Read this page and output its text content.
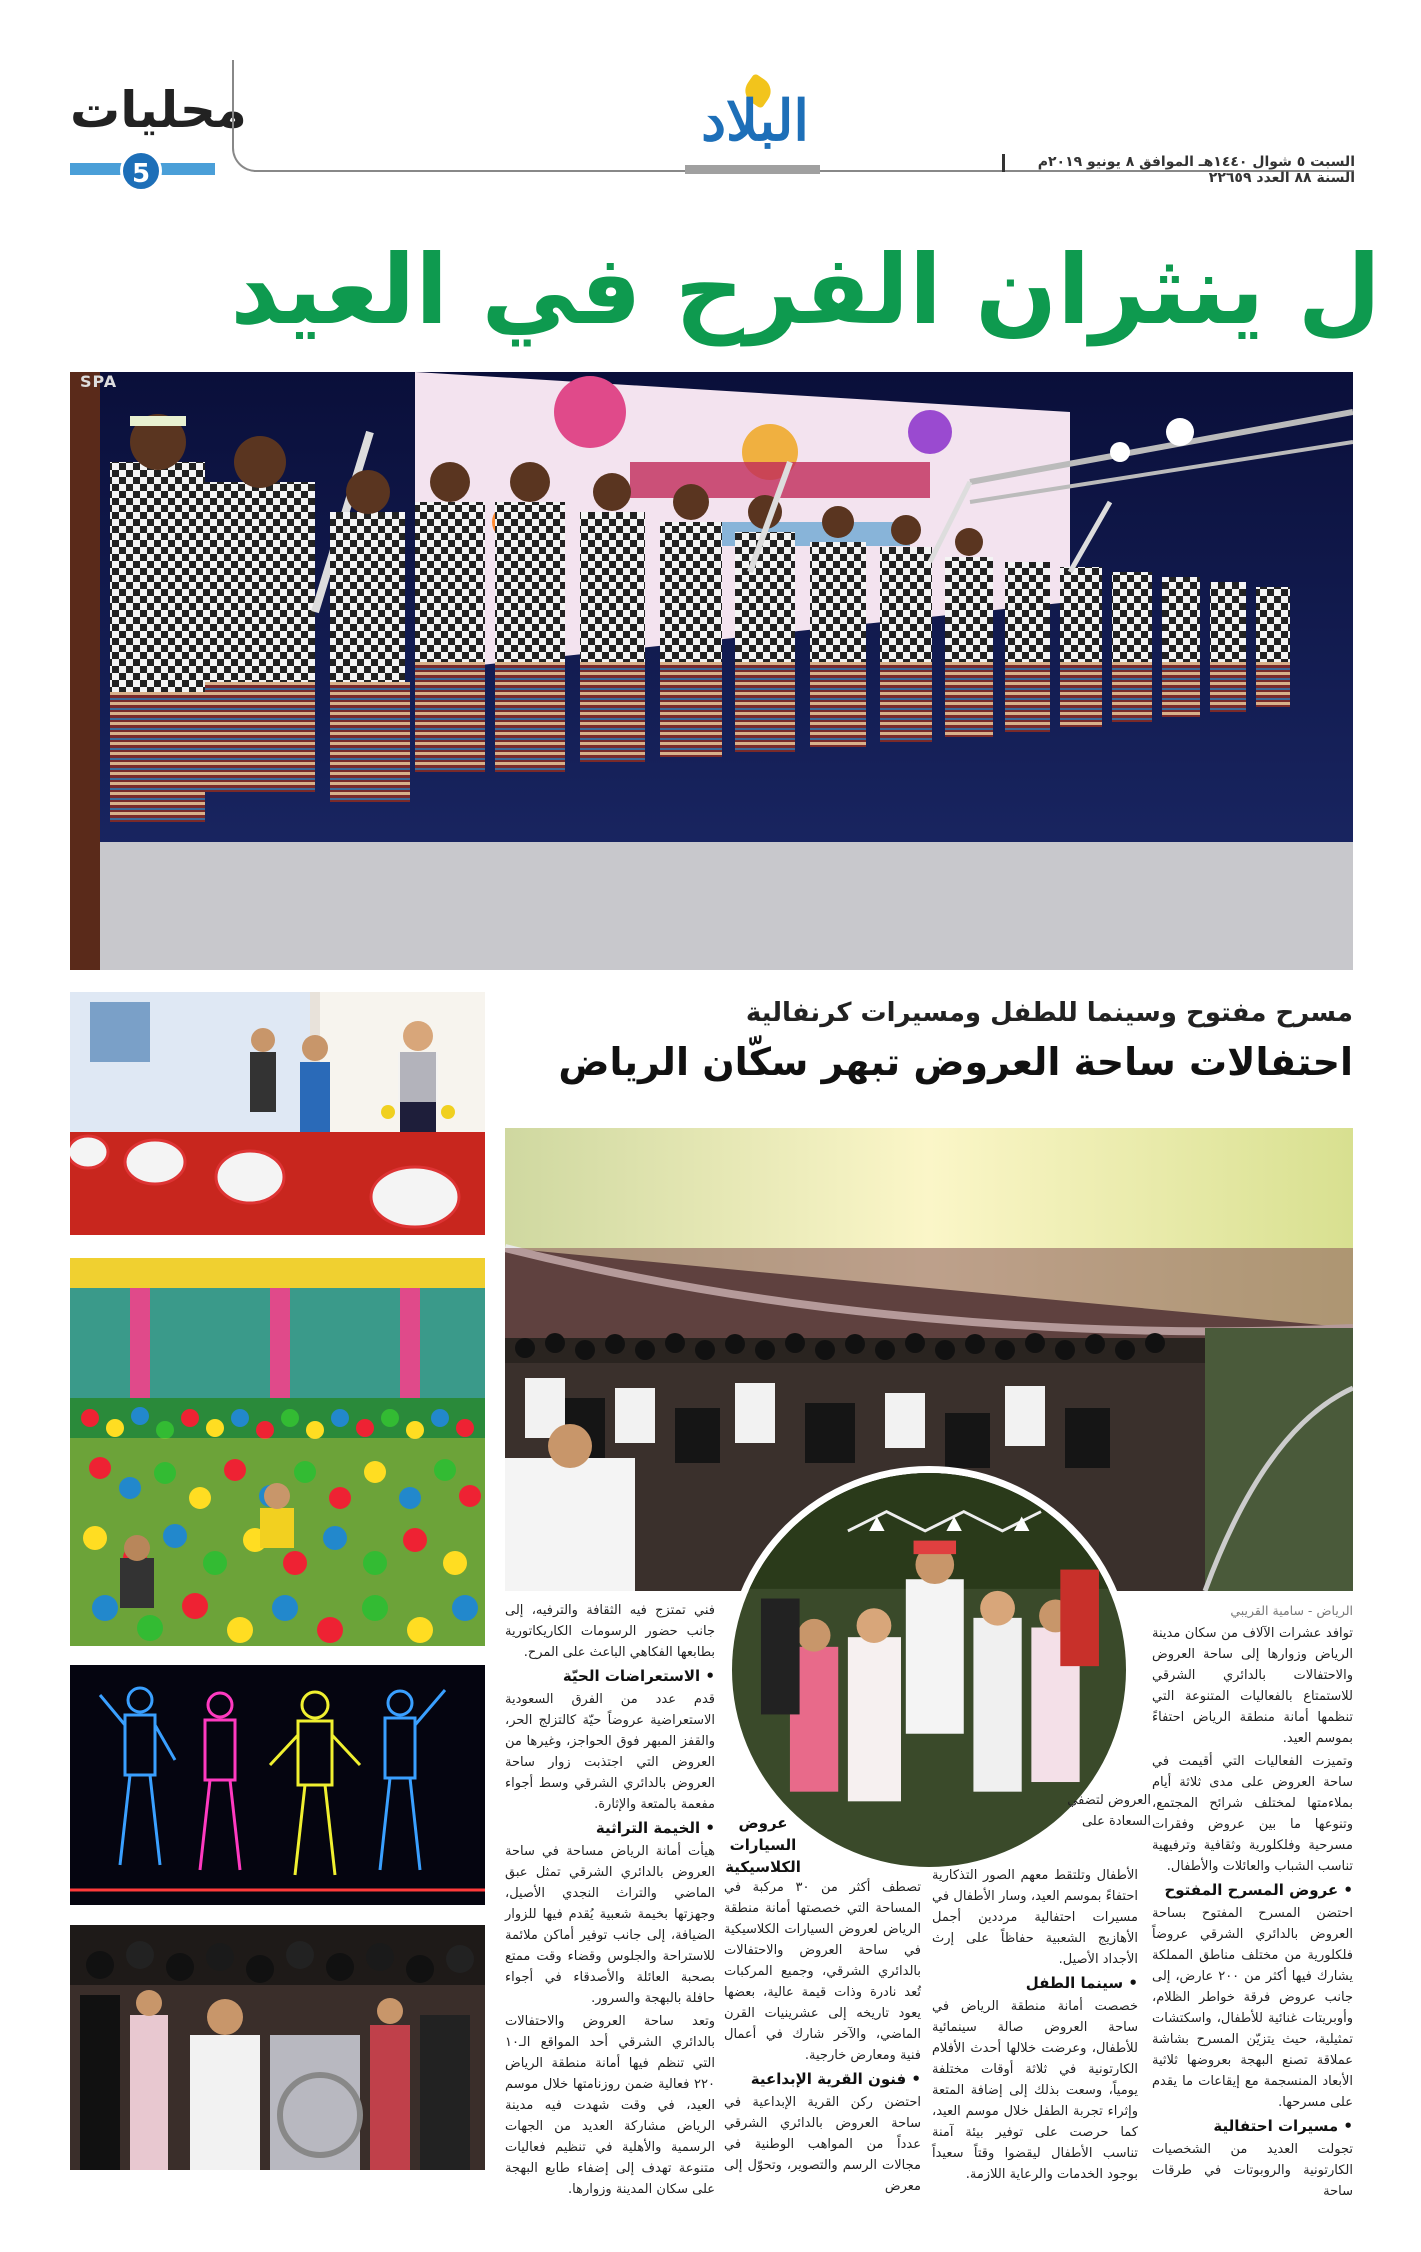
محليات
5
البلاد
السبت ٥ شوال ١٤٤٠هـ الموافق ٨ يونيو ٢٠١٩م السنة ٨٨ العدد ٢٢٦٥٩
ل ينثران الفرح في العيد
SPA
مسرح مفتوح وسينما للطفل ومسيرات كرنفالية
احتفالات ساحة العروض تبهر سكّان الرياض

الرياض - سامية القريبي

توافد عشرات الآلاف من سكان مدينة الرياض وزوارها إلى ساحة العروض والاحتفالات بالدائري الشرقي للاستمتاع بالفعاليات المتنوعة التي تنظمها أمانة منطقة الرياض احتفاءً بموسم العيد.

وتميزت الفعاليات التي أقيمت في ساحة العروض على مدى ثلاثة أيام بملاءمتها لمختلف شرائح المجتمع، وتنوعها ما بين عروض وفقرات مسرحية وفلكلورية وثقافية وترفيهية تناسب الشباب والعائلات والأطفال.

• عروض المسرح المفتوح

احتضن المسرح المفتوح بساحة العروض بالدائري الشرقي عروضاً فلكلورية من مختلف مناطق المملكة يشارك فيها أكثر من ٢٠٠ عارض، إلى جانب عروض فرقة خواطر الظلام، وأوبريتات غنائية للأطفال، واسكتشات تمثيلية، حيث يتزيّن المسرح بشاشة عملاقة تصنع البهجة بعروضها ثلاثية الأبعاد المنسجمة مع إيقاعات ما يقدم على مسرحها.

• مسيرات احتفالية

تجولت العديد من الشخصيات الكارتونية والروبوتات في طرقات ساحة

العروض لتضفي السعادة على

الأطفال وتلتقط معهم الصور التذكارية احتفاءً بموسم العيد، وسار الأطفال في مسيرات احتفالية مرددين أجمل الأهازيج الشعبية حفاظاً على إرث الأجداد الأصيل.

• سينما الطفل

خصصت أمانة منطقة الرياض في ساحة العروض صالة سينمائية للأطفال، وعرضت خلالها أحدث الأفلام الكارتونية في ثلاثة أوقات مختلفة يومياً، وسعت بذلك إلى إضافة المتعة وإثراء تجربة الطفل خلال موسم العيد، كما حرصت على توفير بيئة آمنة تناسب الأطفال ليقضوا وقتاً سعيداً بوجود الخدمات والرعاية اللازمة.

عروض السيارات الكلاسيكية

تصطف أكثر من ٣٠ مركبة في المساحة التي خصصتها أمانة منطقة الرياض لعروض السيارات الكلاسيكية في ساحة العروض والاحتفالات بالدائري الشرقي، وجميع المركبات تُعد نادرة وذات قيمة عالية، بعضها يعود تاريخه إلى عشرينيات القرن الماضي، والآخر شارك في أعمال فنية ومعارض خارجية.

• فنون القرية الإبداعية

احتضن ركن القرية الإبداعية في ساحة العروض بالدائري الشرقي عدداً من المواهب الوطنية في مجالات الرسم والتصوير، وتحوّل إلى معرض

فني تمتزج فيه الثقافة والترفيه، إلى جانب حضور الرسومات الكاريكاتورية بطابعها الفكاهي الباعث على المرح.

• الاستعراضات الحيّة

قدم عدد من الفرق السعودية الاستعراضية عروضاً حيّة كالتزلج الحر، والقفز المبهر فوق الحواجز، وغيرها من العروض التي اجتذبت زوار ساحة العروض بالدائري الشرقي وسط أجواء مفعمة بالمتعة والإثارة.

• الخيمة التراثية

هيأت أمانة الرياض مساحة في ساحة العروض بالدائري الشرقي تمثل عبق الماضي والتراث النجدي الأصيل، وجهزتها بخيمة شعبية يُقدم فيها للزوار الضيافة، إلى جانب توفير أماكن ملائمة للاستراحة والجلوس وقضاء وقت ممتع بصحبة العائلة والأصدقاء في أجواء حافلة بالبهجة والسرور.

وتعد ساحة العروض والاحتفالات بالدائري الشرقي أحد المواقع الـ١٠ التي تنظم فيها أمانة منطقة الرياض ٢٢٠ فعالية ضمن روزنامتها خلال موسم العيد، في وقت شهدت فيه مدينة الرياض مشاركة العديد من الجهات الرسمية والأهلية في تنظيم فعاليات متنوعة تهدف إلى إضفاء طابع البهجة على سكان المدينة وزوارها.
